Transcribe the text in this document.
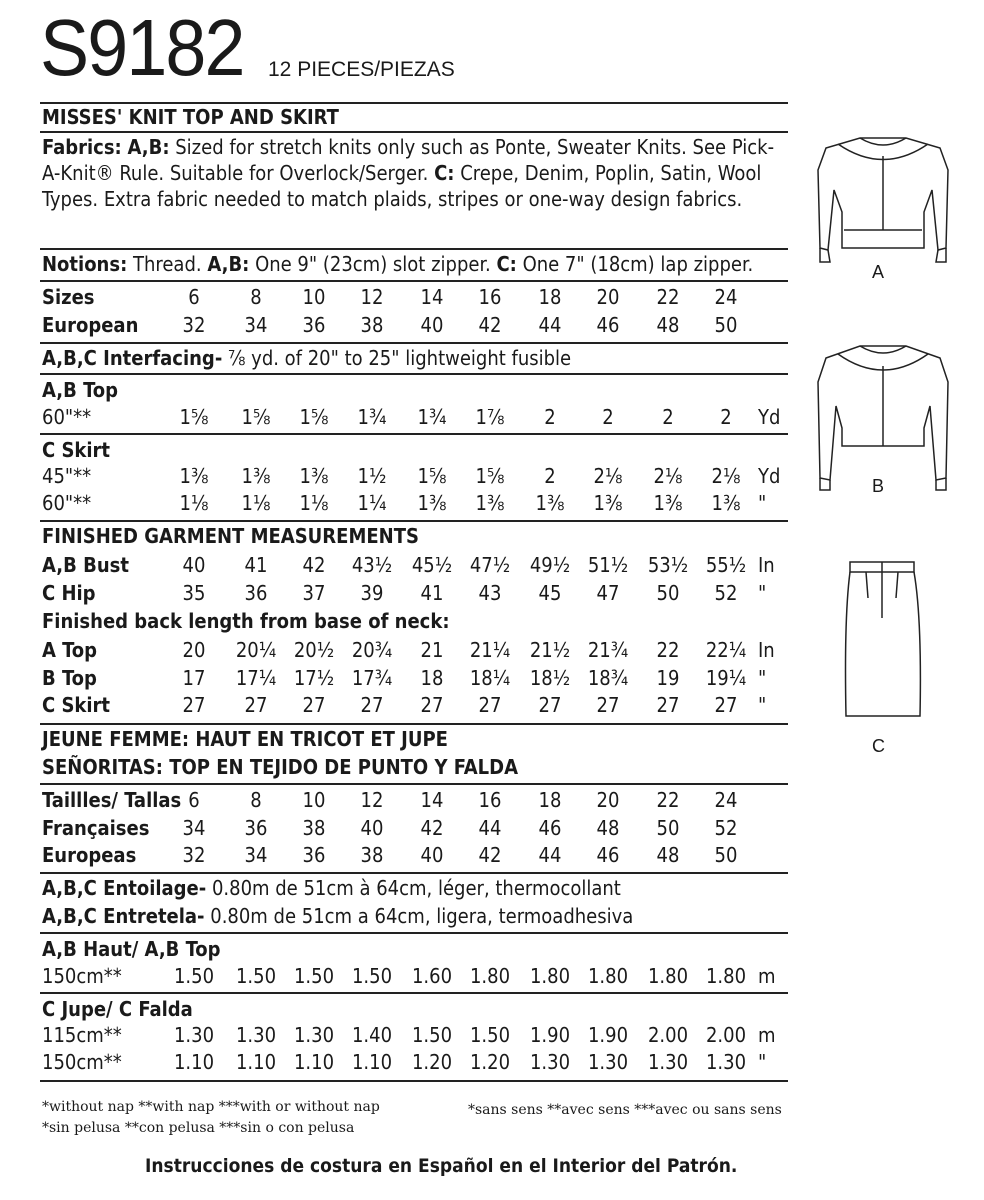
S9182 12 PIECES/PIEZAS
MISSES' KNIT TOP AND SKIRT
Fabrics: A,B: Sized for stretch knits only such as Ponte, Sweater Knits. See Pick-A-Knit® Rule. Suitable for Overlock/Serger. C: Crepe, Denim, Poplin, Satin, Wool Types. Extra fabric needed to match plaids, stripes or one-way design fabrics.
Notions: Thread. A,B: One 9" (23cm) slot zipper. C: One 7" (18cm) lap zipper.
Sizes	6	8	10	12	14	16	18	20	22	24
European	32	34	36	38	40	42	44	46	48	50
A,B,C Interfacing- ⅞ yd. of 20" to 25" lightweight fusible
A,B Top
60"**	1⅝	1⅝	1⅝	1¾	1¾	1⅞	2	2	2	2	Yd
C Skirt
45"**	1⅜	1⅜	1⅜	1½	1⅝	1⅝	2	2⅛	2⅛	2⅛ Yd
60"**	1⅛	1⅛	1⅛	1¼	1⅜	1⅜	1⅜	1⅜	1⅜	1⅜ "
FINISHED GARMENT MEASUREMENTS
A,B Bust	40	41	42	43½ 45½ 47½ 49½ 51½ 53½ 55½ In
C Hip	35	36	37	39	41	43	45	47	50	52	"
Finished back length from base of neck:
A Top	20	20¼ 20½ 20¾	21	21¼ 21½ 21¾	22	22¼ In
B Top	17	17¼ 17½ 17¾	18	18¼ 18½ 18¾	19	19¼ "
C Skirt	27	27	27	27	27	27	27	27	27	27	"
JEUNE FEMME: HAUT EN TRICOT ET JUPE
SEÑORITAS: TOP EN TEJIDO DE PUNTO Y FALDA
Taillles/ Tallas 6	8	10	12	14	16	18	20	22	24
Françaises	34	36	38	40	42	44	46	48	50	52
Europeas	32	34	36	38	40	42	44	46	48	50
A,B,C Entoilage- 0.80m de 51cm à 64cm, léger, thermocollant
A,B,C Entretela- 0.80m de 51cm a 64cm, ligera, termoadhesiva
A,B Haut/ A,B Top
150cm**	1.50	1.50 1.50 1.50 1.60 1.80 1.80 1.80 1.80 1.80 m
C Jupe/ C Falda
115cm**	1.30	1.30 1.30 1.40 1.50 1.50 1.90 1.90 2.00 2.00 m
150cm**	1.10	1.10 1.10 1.10 1.20 1.20 1.30 1.30 1.30 1.30 "
*without nap **with nap ***with or without nap
*sin pelusa **con pelusa ***sin o con pelusa
*sans sens **avec sens ***avec ou sans sens
Instrucciones de costura en Español en el Interior del Patrón.
A
B
C
